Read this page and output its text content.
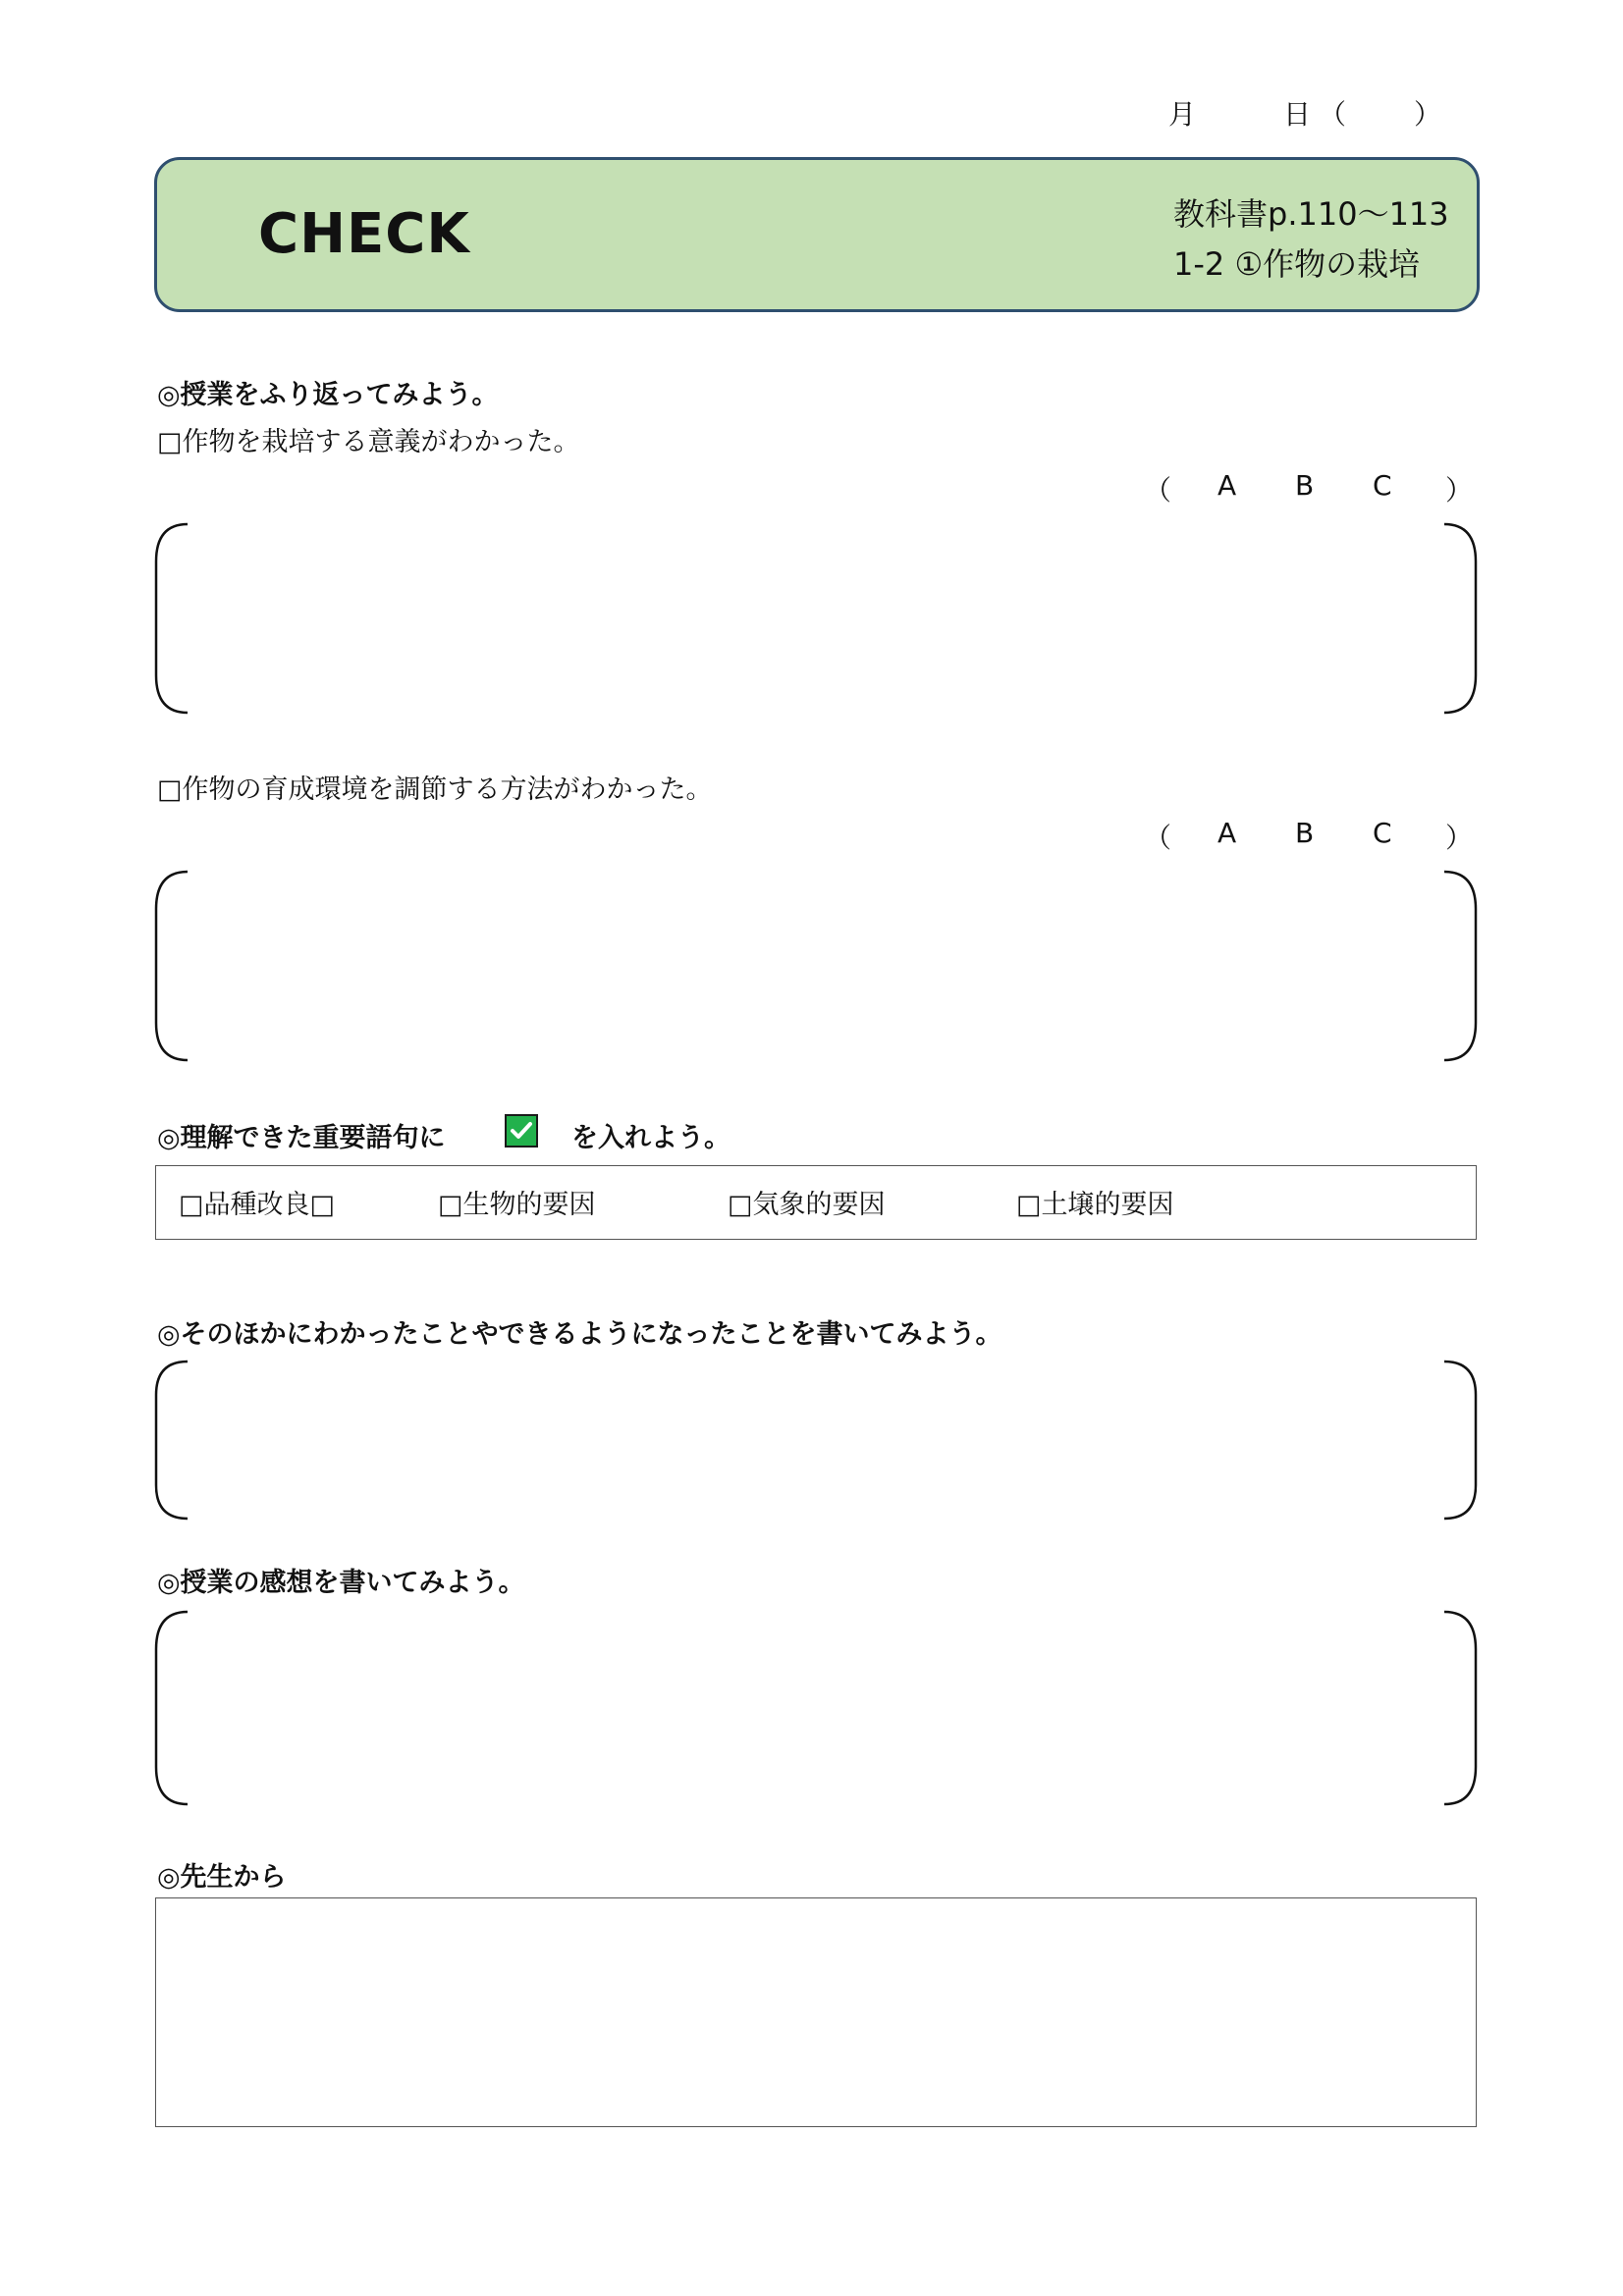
月	日 （ ）
CHECK	教科書p.110～113
1-2 ①作物の栽培
◎授業をふり返ってみよう。
□作物を栽培する意義がわかった。
（ A B C ）
□作物の育成環境を調節する方法がわかった。
（ A B C ）
◎理解できた重要語句に	を入れよう。
□品種改良□	□生物的要因	□気象的要因	□土壌的要因
◎そのほかにわかったことやできるようになったことを書いてみよう。
◎授業の感想を書いてみよう。
◎先生から
